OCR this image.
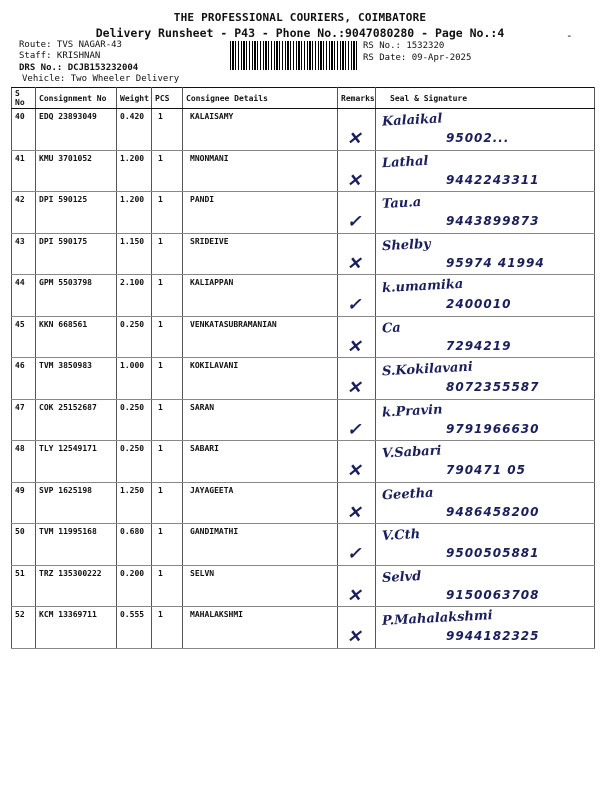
THE PROFESSIONAL COURIERS, COIMBATORE
Delivery Runsheet - P43 - Phone No.:9047080280 - Page No.:4	-
Route: TVS NAGAR-43
Staff: KRISHNAN
DRS No.: DCJB153232004
Vehicle: Two Wheeler Delivery
RS No.: 1532320
RS Date: 09-Apr-2025
S No	Consignment No	Weight	PCS	Consignee Details	Remarks	Seal & Signature
40	EDQ 23893049	0.420	1	KALAISAMY	✕	Kalaikal
95002...

41	KMU 3701052	1.200	1	MNONMANI	✕	Lathal
9442243311

42	DPI 590125	1.200	1	PANDI	✓	Tau.a
9443899873

43	DPI 590175	1.150	1	SRIDEIVE	✕	Shelby
95974 41994

44	GPM 5503798	2.100	1	KALIAPPAN	✓	k.umamika
2400010

45	KKN 668561	0.250	1	VENKATASUBRAMANIAN	✕	Ca
7294219

46	TVM 3850983	1.000	1	KOKILAVANI	✕	S.Kokilavani
8072355587

47	COK 25152687	0.250	1	SARAN	✓	k.Pravin
9791966630

48	TLY 12549171	0.250	1	SABARI	✕	V.Sabari
790471 05

49	SVP 1625198	1.250	1	JAYAGEETA	✕	Geetha
9486458200

50	TVM 11995168	0.680	1	GANDIMATHI	✓	V.Cth
9500505881

51	TRZ 135300222	0.200	1	SELVN	✕	Selvd
9150063708

52	KCM 13369711	0.555	1	MAHALAKSHMI	✕	P.Mahalakshmi
9944182325
